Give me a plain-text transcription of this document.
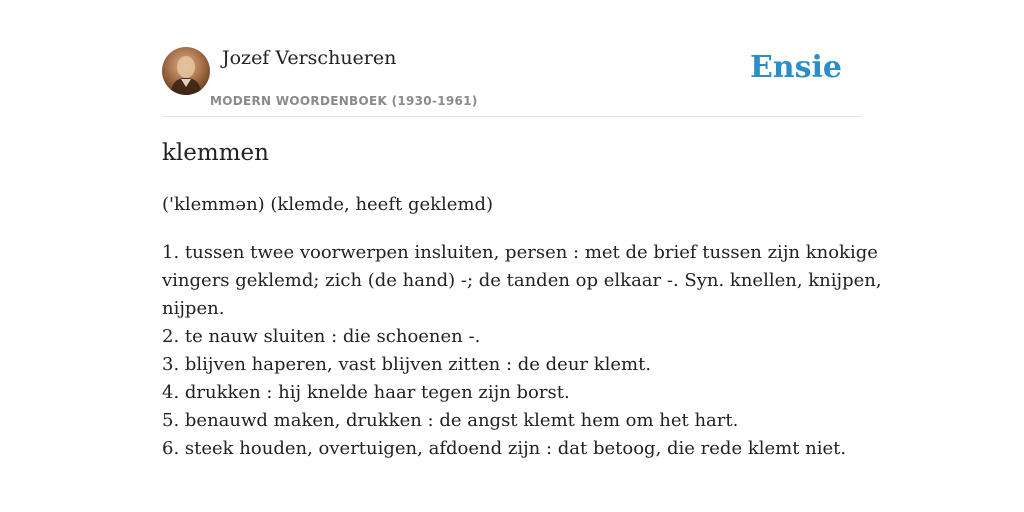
Jozef Verschueren
MODERN WOORDENBOEK (1930-1961)
Ensie
klemmen
('klemmən) (klemde, heeft geklemd)
1. tussen twee voorwerpen insluiten, persen : met de brief tussen zijn knokige
vingers geklemd; zich (de hand) -; de tanden op elkaar -. Syn. knellen, knijpen,
nijpen.
2. te nauw sluiten : die schoenen -.
3. blijven haperen, vast blijven zitten : de deur klemt.
4. drukken : hij knelde haar tegen zijn borst.
5. benauwd maken, drukken : de angst klemt hem om het hart.
6. steek houden, overtuigen, afdoend zijn : dat betoog, die rede klemt niet.
